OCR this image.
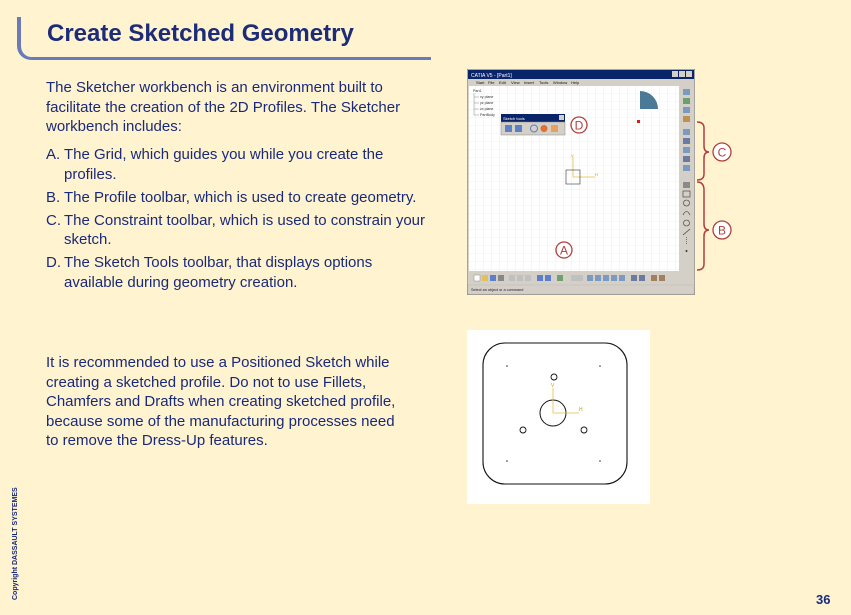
Create Sketched Geometry

The Sketcher workbench is an environment built to facilitate the creation of the 2D Profiles. The Sketcher workbench includes:

A. The Grid, which guides you while you create the profiles.
B. The Profile toolbar, which is used to create geometry.
C. The Constraint toolbar, which is used to constrain your sketch.
D. The Sketch Tools toolbar, that displays options available during geometry creation.

It is recommended to use a Positioned Sketch while creating a sketched profile. Do not to use Fillets, Chamfers and Drafts when creating sketched profile, because some of the manufacturing processes need to remove the Dress-Up features.

Copyright DASSAULT SYSTEMES	36
CATIA V5 - [Part1]
Start File Edit View Insert Tools Window Help
Part1
xy plane
yz plane
zx plane
PartBody
Sketch tools
V
H
Select an object or a command
D
A
C
B
V
H
